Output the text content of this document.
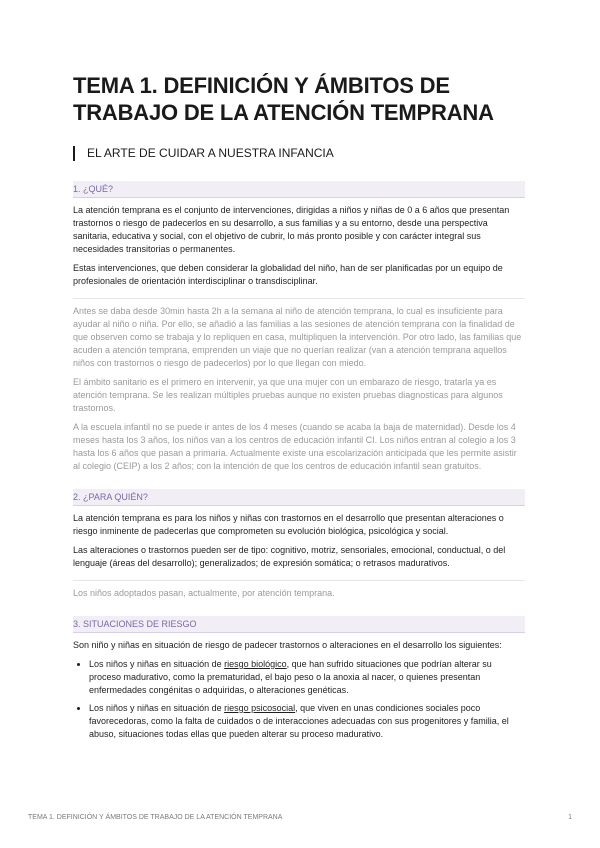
TEMA 1. DEFINICIÓN Y ÁMBITOS DE TRABAJO DE LA ATENCIÓN TEMPRANA
EL ARTE DE CUIDAR A NUESTRA INFANCIA
1. ¿QUÉ?

La atención temprana es el conjunto de intervenciones, dirigidas a niños y niñas de 0 a 6 años que presentan trastornos o riesgo de padecerlos en su desarrollo, a sus familias y a su entorno, desde una perspectiva sanitaria, educativa y social, con el objetivo de cubrir, lo más pronto posible y con carácter integral sus necesidades transitorias o permanentes.

Estas intervenciones, que deben considerar la globalidad del niño, han de ser planificadas por un equipo de profesionales de orientación interdisciplinar o transdisciplinar.

Antes se daba desde 30min hasta 2h a la semana al niño de atención temprana, lo cual es insuficiente para ayudar al niño o niña. Por ello, se añadió a las familias a las sesiones de atención temprana con la finalidad de que observen como se trabaja y lo repliquen en casa, multipliquen la intervención. Por otro lado, las familias que acuden a atención temprana, emprenden un viaje que no querían realizar (van a atención temprana aquellos niños con trastornos o riesgo de padecerlos) por lo que llegan con miedo.

El ámbito sanitario es el primero en intervenir, ya que una mujer con un embarazo de riesgo, tratarla ya es atención temprana. Se les realizan múltiples pruebas aunque no existen pruebas diagnosticas para algunos trastornos.

A la escuela infantil no se puede ir antes de los 4 meses (cuando se acaba la baja de maternidad). Desde los 4 meses hasta los 3 años, los niños van a los centros de educación infantil CI. Los niños entran al colegio a los 3 hasta los 6 años que pasan a primaria. Actualmente existe una escolarización anticipada que les permite asistir al colegio (CEIP) a los 2 años; con la intención de que los centros de educación infantil sean gratuitos.

2. ¿PARA QUIÉN?

La atención temprana es para los niños y niñas con trastornos en el desarrollo que presentan alteraciones o riesgo inminente de padecerlas que comprometen su evolución biológica, psicológica y social.

Las alteraciones o trastornos pueden ser de tipo: cognitivo, motriz, sensoriales, emocional, conductual, o del lenguaje (áreas del desarrollo); generalizados; de expresión somática; o retrasos madurativos.

Los niños adoptados pasan, actualmente, por atención temprana.

3. SITUACIONES DE RIESGO

Son niño y niñas en situación de riesgo de padecer trastornos o alteraciones en el desarrollo los siguientes:

• Los niños y niñas en situación de riesgo biológico, que han sufrido situaciones que podrían alterar su proceso madurativo, como la prematuridad, el bajo peso o la anoxia al nacer, o quienes presentan enfermedades congénitas o adquiridas, o alteraciones genéticas.
• Los niños y niñas en situación de riesgo psicosocial, que viven en unas condiciones sociales poco favorecedoras, como la falta de cuidados o de interacciones adecuadas con sus progenitores y familia, el abuso, situaciones todas ellas que pueden alterar su proceso madurativo.
TEMA 1. DEFINICIÓN Y ÁMBITOS DE TRABAJO DE LA ATENCIÓN TEMPRANA	1
